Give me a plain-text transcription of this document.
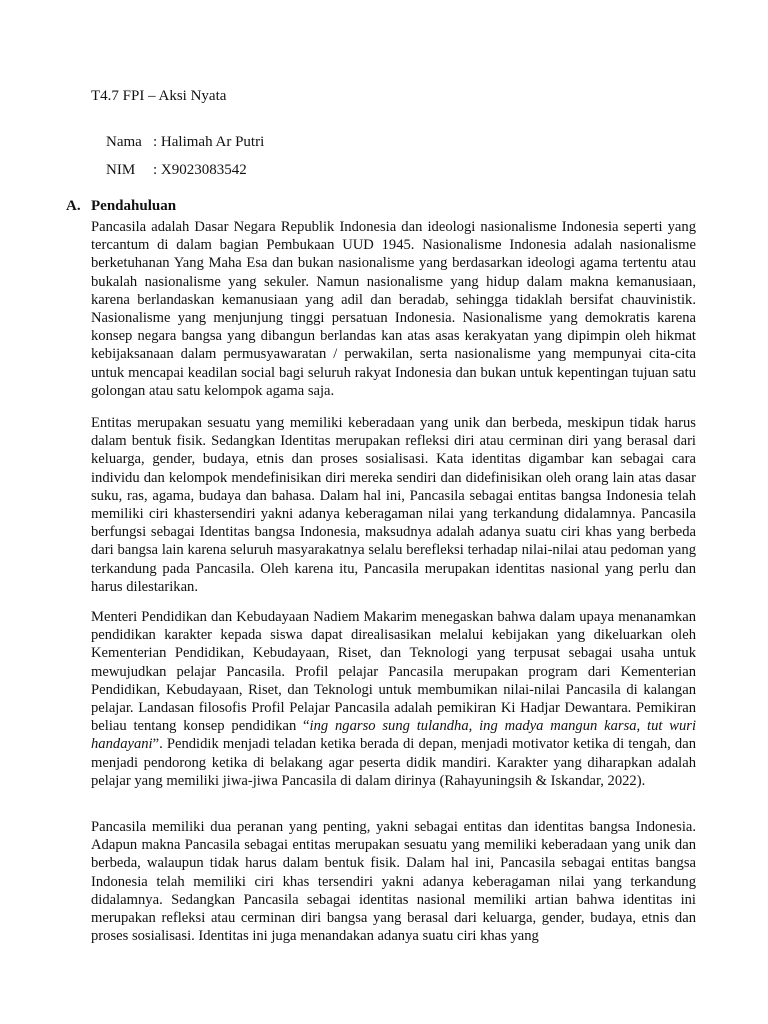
T4.7 FPI – Aksi Nyata

Nama : Halimah Ar Putri

NIM : X9023083542

A. Pendahuluan

Pancasila adalah Dasar Negara Republik Indonesia dan ideologi nasionalisme Indonesia seperti yang tercantum di dalam bagian Pembukaan UUD 1945. Nasionalisme Indonesia adalah nasionalisme berketuhanan Yang Maha Esa dan bukan nasionalisme yang berdasarkan ideologi agama tertentu atau bukalah nasionalisme yang sekuler. Namun nasionalisme yang hidup dalam makna kemanusiaan, karena berlandaskan kemanusiaan yang adil dan beradab, sehingga tidaklah bersifat chauvinistik. Nasionalisme yang menjunjung tinggi persatuan Indonesia. Nasionalisme yang demokratis karena konsep negara bangsa yang dibangun berlandas kan atas asas kerakyatan yang dipimpin oleh hikmat kebijaksanaan dalam permusyawaratan / perwakilan, serta nasionalisme yang mempunyai cita-cita untuk mencapai keadilan social bagi seluruh rakyat Indonesia dan bukan untuk kepentingan tujuan satu golongan atau satu kelompok agama saja.

Entitas merupakan sesuatu yang memiliki keberadaan yang unik dan berbeda, meskipun tidak harus dalam bentuk fisik. Sedangkan Identitas merupakan refleksi diri atau cerminan diri yang berasal dari keluarga, gender, budaya, etnis dan proses sosialisasi. Kata identitas digambar kan sebagai cara individu dan kelompok mendefinisikan diri mereka sendiri dan didefinisikan oleh orang lain atas dasar suku, ras, agama, budaya dan bahasa. Dalam hal ini, Pancasila sebagai entitas bangsa Indonesia telah memiliki ciri khastersendiri yakni adanya keberagaman nilai yang terkandung didalamnya. Pancasila berfungsi sebagai Identitas bangsa Indonesia, maksudnya adalah adanya suatu ciri khas yang berbeda dari bangsa lain karena seluruh masyarakatnya selalu berefleksi terhadap nilai-nilai atau pedoman yang terkandung pada Pancasila. Oleh karena itu, Pancasila merupakan identitas nasional yang perlu dan harus dilestarikan.

Menteri Pendidikan dan Kebudayaan Nadiem Makarim menegaskan bahwa dalam upaya menanamkan pendidikan karakter kepada siswa dapat direalisasikan melalui kebijakan yang dikeluarkan oleh Kementerian Pendidikan, Kebudayaan, Riset, dan Teknologi yang terpusat sebagai usaha untuk mewujudkan pelajar Pancasila. Profil pelajar Pancasila merupakan program dari Kementerian Pendidikan, Kebudayaan, Riset, dan Teknologi untuk membumikan nilai-nilai Pancasila di kalangan pelajar. Landasan filosofis Profil Pelajar Pancasila adalah pemikiran Ki Hadjar Dewantara. Pemikiran beliau tentang konsep pendidikan “ing ngarso sung tulandha, ing madya mangun karsa, tut wuri handayani”. Pendidik menjadi teladan ketika berada di depan, menjadi motivator ketika di tengah, dan menjadi pendorong ketika di belakang agar peserta didik mandiri. Karakter yang diharapkan adalah pelajar yang memiliki jiwa-jiwa Pancasila di dalam dirinya (Rahayuningsih & Iskandar, 2022).

Pancasila memiliki dua peranan yang penting, yakni sebagai entitas dan identitas bangsa Indonesia. Adapun makna Pancasila sebagai entitas merupakan sesuatu yang memiliki keberadaan yang unik dan berbeda, walaupun tidak harus dalam bentuk fisik. Dalam hal ini, Pancasila sebagai entitas bangsa Indonesia telah memiliki ciri khas tersendiri yakni adanya keberagaman nilai yang terkandung didalamnya. Sedangkan Pancasila sebagai identitas nasional memiliki artian bahwa identitas ini merupakan refleksi atau cerminan diri bangsa yang berasal dari keluarga, gender, budaya, etnis dan proses sosialisasi. Identitas ini juga menandakan adanya suatu ciri khas yang
